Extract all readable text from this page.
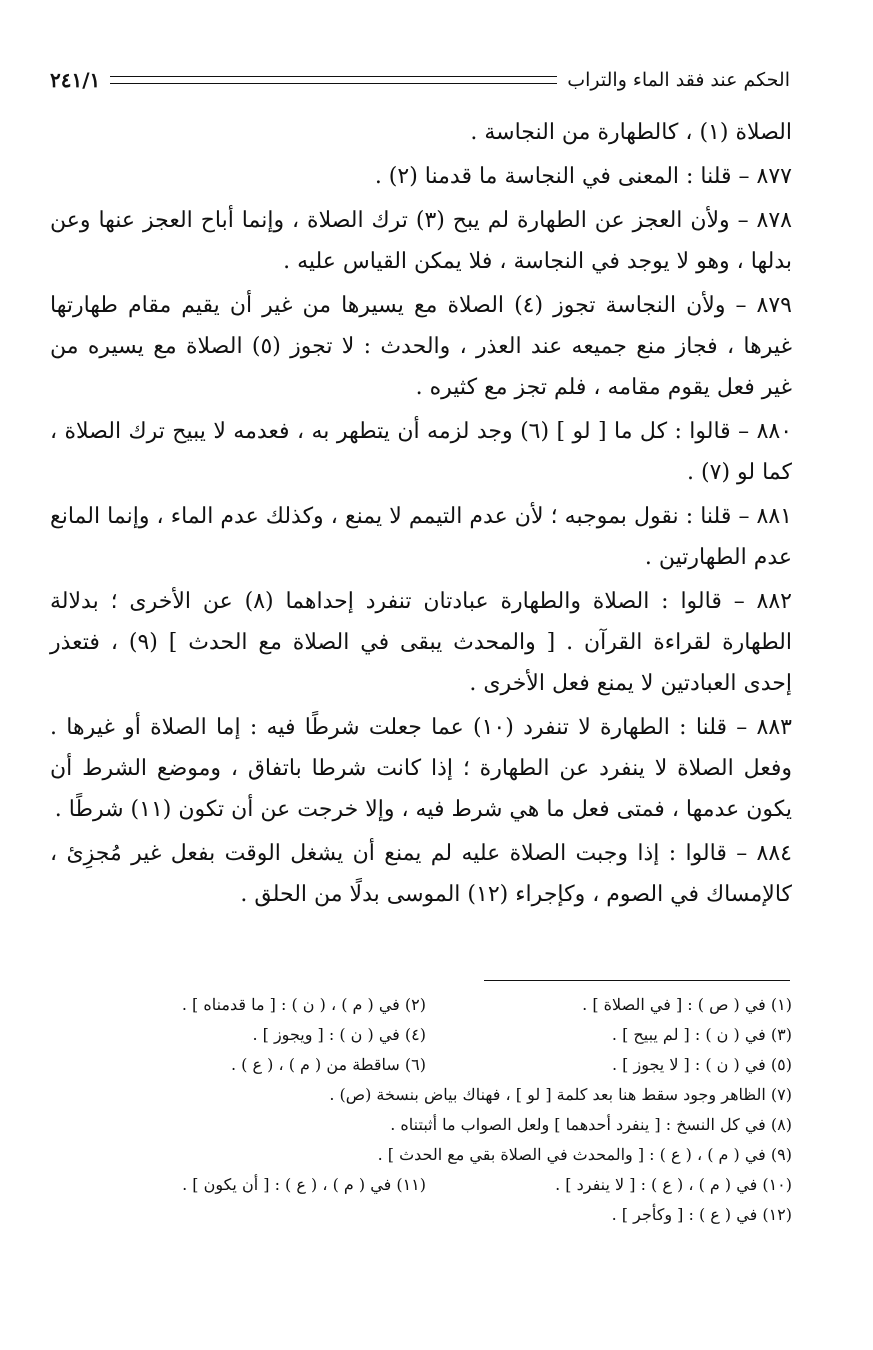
الحكم عند فقد الماء والتراب
٢٤١/١

الصلاة (١) ، كالطهارة من النجاسة .

٨٧٧ – قلنا : المعنى في النجاسة ما قدمنا (٢) .

٨٧٨ – ولأن العجز عن الطهارة لم يبح (٣) ترك الصلاة ، وإنما أباح العجز عنها وعن بدلها ، وهو لا يوجد في النجاسة ، فلا يمكن القياس عليه .

٨٧٩ – ولأن النجاسة تجوز (٤) الصلاة مع يسيرها من غير أن يقيم مقام طهارتها غيرها ، فجاز منع جميعه عند العذر ، والحدث : لا تجوز (٥) الصلاة مع يسيره من غير فعل يقوم مقامه ، فلم تجز مع كثيره .

٨٨٠ – قالوا : كل ما [ لو ] (٦) وجد لزمه أن يتطهر به ، فعدمه لا يبيح ترك الصلاة ، كما لو (٧) .

٨٨١ – قلنا : نقول بموجبه ؛ لأن عدم التيمم لا يمنع ، وكذلك عدم الماء ، وإنما المانع عدم الطهارتين .

٨٨٢ – قالوا : الصلاة والطهارة عبادتان تنفرد إحداهما (٨) عن الأخرى ؛ بدلالة الطهارة لقراءة القرآن . [ والمحدث يبقى في الصلاة مع الحدث ] (٩) ، فتعذر إحدى العبادتين لا يمنع فعل الأخرى .

٨٨٣ – قلنا : الطهارة لا تنفرد (١٠) عما جعلت شرطًا فيه : إما الصلاة أو غيرها . وفعل الصلاة لا ينفرد عن الطهارة ؛ إذا كانت شرطا باتفاق ، وموضع الشرط أن يكون عدمها ، فمتى فعل ما هي شرط فيه ، وإلا خرجت عن أن تكون (١١) شرطًا .

٨٨٤ – قالوا : إذا وجبت الصلاة عليه لم يمنع أن يشغل الوقت بفعل غير مُجزِئ ، كالإمساك في الصوم ، وكإجراء (١٢) الموسى بدلًا من الحلق .

(١) في ( ص ) : [ في الصلاة ] .
(٢) في ( م ) ، ( ن ) : [ ما قدمناه ] .
(٣) في ( ن ) : [ لم يبيح ] .
(٤) في ( ن ) : [ ويجوز ] .
(٥) في ( ن ) : [ لا يجوز ] .
(٦) ساقطة من ( م ) ، ( ع ) .
(٧) الظاهر وجود سقط هنا بعد كلمة [ لو ] ، فهناك بياض بنسخة (ص) .
(٨) في كل النسخ : [ ينفرد أحدهما ] ولعل الصواب ما أثبتناه .
(٩) في ( م ) ، ( ع ) : [ والمحدث في الصلاة بقي مع الحدث ] .
(١٠) في ( م ) ، ( ع ) : [ لا ينفرد ] .
(١١) في ( م ) ، ( ع ) : [ أن يكون ] .
(١٢) في ( ع ) : [ وكأجر ] .
